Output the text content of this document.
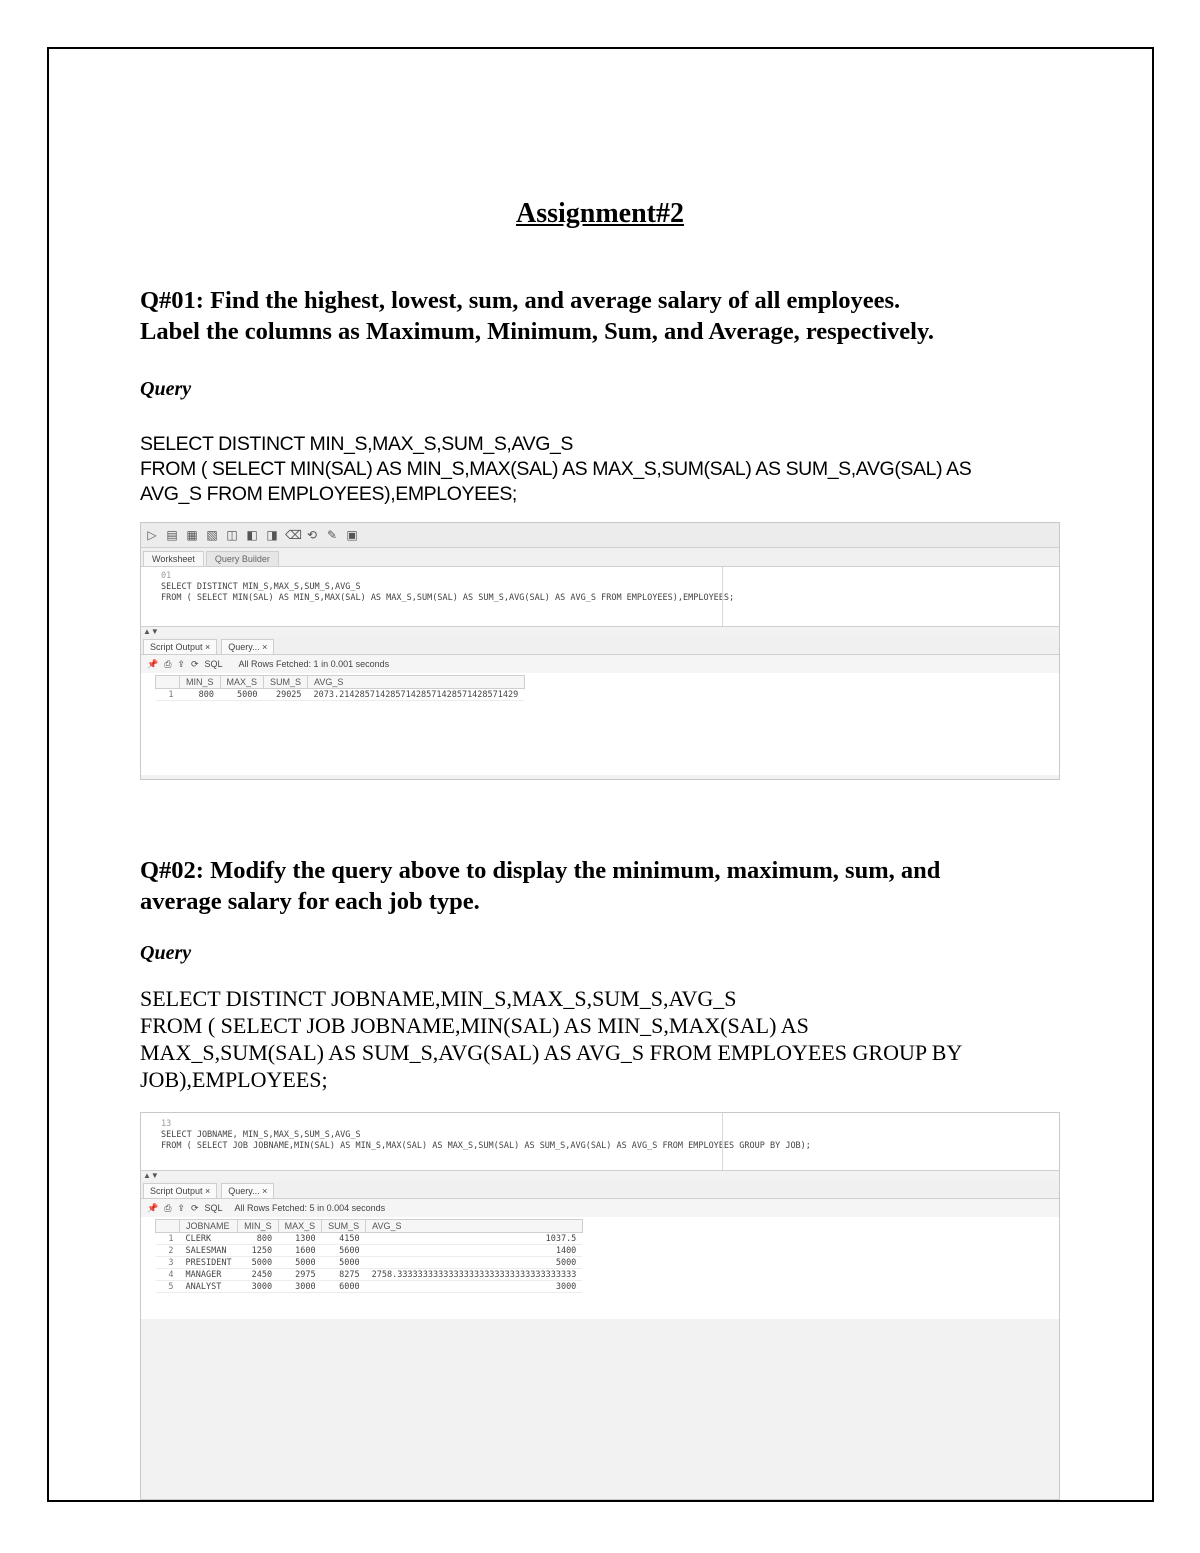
Assignment#2
Q#01: Find the highest, lowest, sum, and average salary of all employees.
Label the columns as Maximum, Minimum, Sum, and Average, respectively.
Query
SELECT DISTINCT MIN_S,MAX_S,SUM_S,AVG_S
FROM ( SELECT MIN(SAL) AS MIN_S,MAX(SAL) AS MAX_S,SUM(SAL) AS SUM_S,AVG(SAL) AS
AVG_S FROM EMPLOYEES),EMPLOYEES;
▷ ▤ ▦ ▧ ◫ ◧ ◨ ⌫ ⟲ ✎ ▣
Worksheet	Query Builder
01
SELECT DISTINCT MIN_S,MAX_S,SUM_S,AVG_S
FROM ( SELECT MIN(SAL) AS MIN_S,MAX(SAL) AS MAX_S,SUM(SAL) AS SUM_S,AVG(SAL) AS AVG_S FROM EMPLOYEES),EMPLOYEES;
▲▼
Script Output ×	Query... ×
📌 ⎙ ⇪ ⟳ SQL All Rows Fetched: 1 in 0.001 seconds
	MIN_S	MAX_S	SUM_S	AVG_S
1	800	5000	29025	2073.21428571428571428571428571428571429
Q#02: Modify the query above to display the minimum, maximum, sum, and
average salary for each job type.
Query
SELECT DISTINCT JOBNAME,MIN_S,MAX_S,SUM_S,AVG_S
FROM ( SELECT JOB JOBNAME,MIN(SAL) AS MIN_S,MAX(SAL) AS
MAX_S,SUM(SAL) AS SUM_S,AVG(SAL) AS AVG_S FROM EMPLOYEES GROUP BY
JOB),EMPLOYEES;
13
SELECT JOBNAME, MIN_S,MAX_S,SUM_S,AVG_S
FROM ( SELECT JOB JOBNAME,MIN(SAL) AS MIN_S,MAX(SAL) AS MAX_S,SUM(SAL) AS SUM_S,AVG(SAL) AS AVG_S FROM EMPLOYEES GROUP BY JOB);
▲▼
Script Output ×	Query... ×
📌 ⎙ ⇪ ⟳ SQL All Rows Fetched: 5 in 0.004 seconds
	JOBNAME	MIN_S	MAX_S	SUM_S	AVG_S
1	CLERK	800	1300	4150	1037.5
2	SALESMAN	1250	1600	5600	1400
3	PRESIDENT	5000	5000	5000	5000
4	MANAGER	2450	2975	8275	2758.33333333333333333333333333333333333
5	ANALYST	3000	3000	6000	3000
